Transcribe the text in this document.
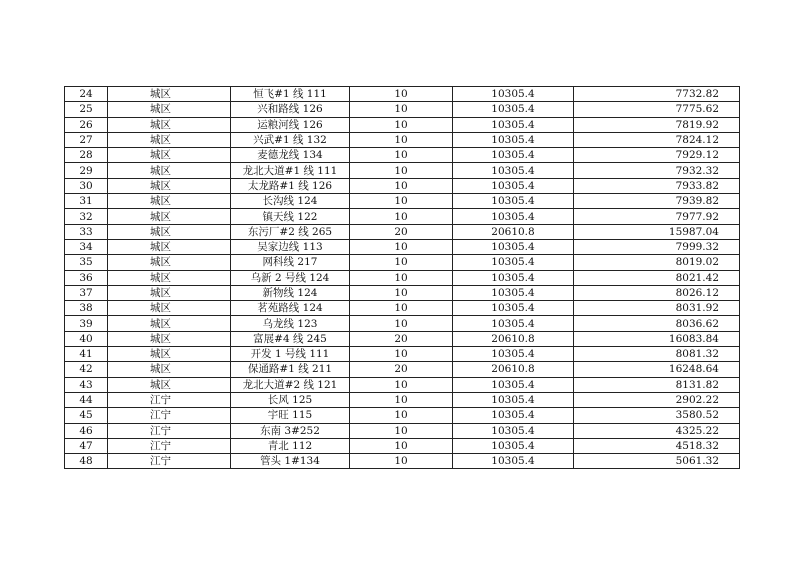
24	城区	恒飞#1 线 111	10	10305.4	7732.82
25	城区	兴和路线 126	10	10305.4	7775.62
26	城区	运粮河线 126	10	10305.4	7819.92
27	城区	兴武#1 线 132	10	10305.4	7824.12
28	城区	麦德龙线 134	10	10305.4	7929.12
29	城区	龙北大道#1 线 111	10	10305.4	7932.32
30	城区	太龙路#1 线 126	10	10305.4	7933.82
31	城区	长沟线 124	10	10305.4	7939.82
32	城区	镇天线 122	10	10305.4	7977.92
33	城区	东污厂#2 线 265	20	20610.8	15987.04
34	城区	吴家边线 113	10	10305.4	7999.32
35	城区	网科线 217	10	10305.4	8019.02
36	城区	乌新 2 号线 124	10	10305.4	8021.42
37	城区	新物线 124	10	10305.4	8026.12
38	城区	茗苑路线 124	10	10305.4	8031.92
39	城区	乌龙线 123	10	10305.4	8036.62
40	城区	富展#4 线 245	20	20610.8	16083.84
41	城区	开发 1 号线 111	10	10305.4	8081.32
42	城区	保通路#1 线 211	20	20610.8	16248.64
43	城区	龙北大道#2 线 121	10	10305.4	8131.82
44	江宁	长风 125	10	10305.4	2902.22
45	江宁	宇旺 115	10	10305.4	3580.52
46	江宁	东南 3#252	10	10305.4	4325.22
47	江宁	青北 112	10	10305.4	4518.32
48	江宁	管头 1#134	10	10305.4	5061.32
